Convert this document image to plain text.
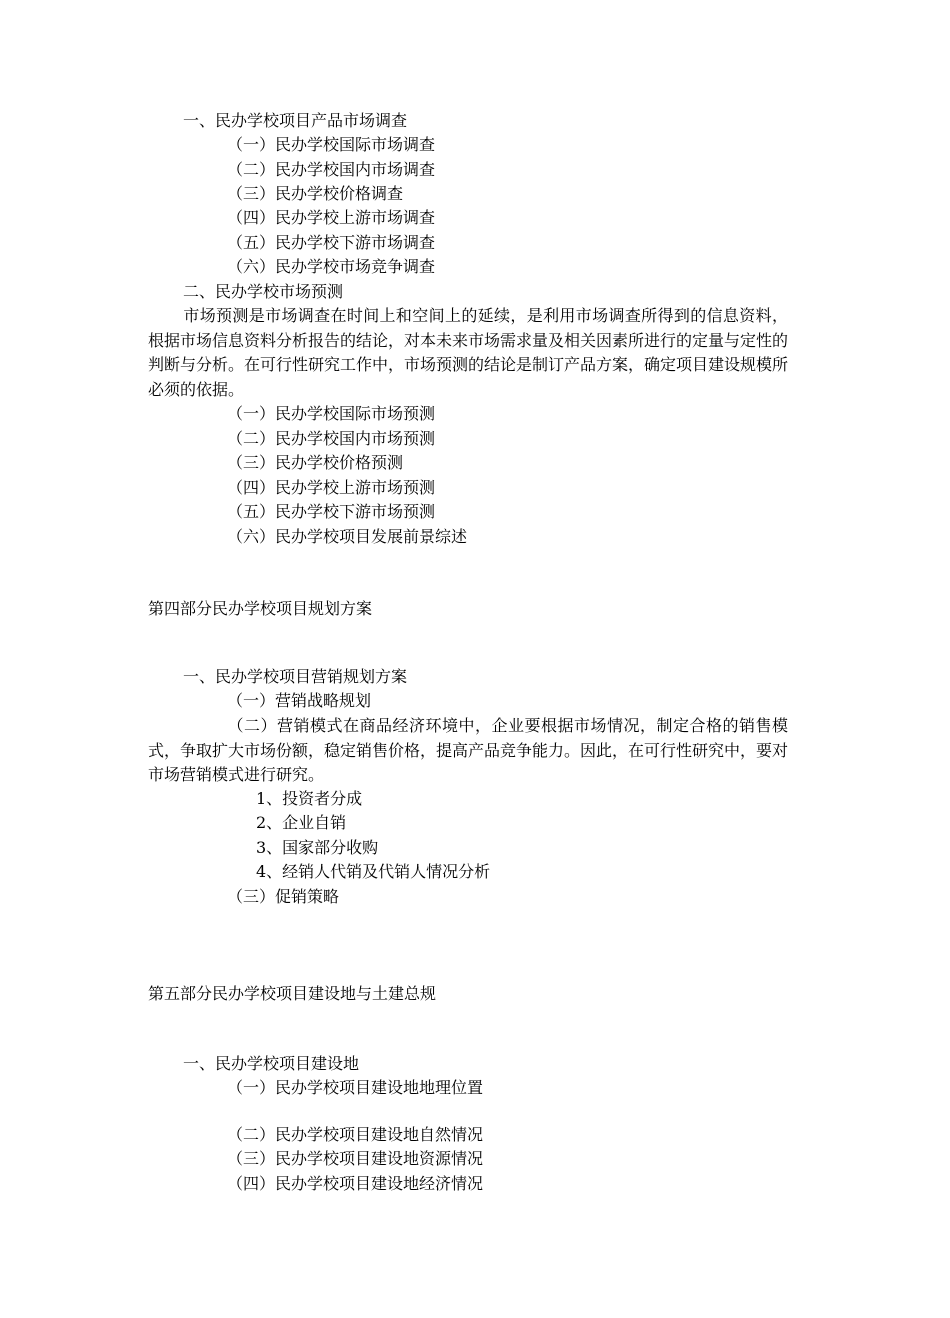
一、民办学校项目产品市场调查
（一）民办学校国际市场调查
（二）民办学校国内市场调查
（三）民办学校价格调查
（四）民办学校上游市场调查
（五）民办学校下游市场调查
（六）民办学校市场竞争调查
二、民办学校市场预测
市场预测是市场调查在时间上和空间上的延续，是利用市场调查所得到的信息资料，根据市场信息资料分析报告的结论，对本未来市场需求量及相关因素所进行的定量与定性的判断与分析。在可行性研究工作中，市场预测的结论是制订产品方案，确定项目建设规模所必须的依据。
（一）民办学校国际市场预测
（二）民办学校国内市场预测
（三）民办学校价格预测
（四）民办学校上游市场预测
（五）民办学校下游市场预测
（六）民办学校项目发展前景综述
第四部分民办学校项目规划方案
一、民办学校项目营销规划方案
（一）营销战略规划
（二）营销模式在商品经济环境中，企业要根据市场情况，制定合格的销售模式，争取扩大市场份额，稳定销售价格，提高产品竞争能力。因此，在可行性研究中，要对市场营销模式进行研究。
1、投资者分成
2、企业自销
3、国家部分收购
4、经销人代销及代销人情况分析
（三）促销策略
第五部分民办学校项目建设地与土建总规
一、民办学校项目建设地
（一）民办学校项目建设地地理位置
（二）民办学校项目建设地自然情况
（三）民办学校项目建设地资源情况
（四）民办学校项目建设地经济情况
